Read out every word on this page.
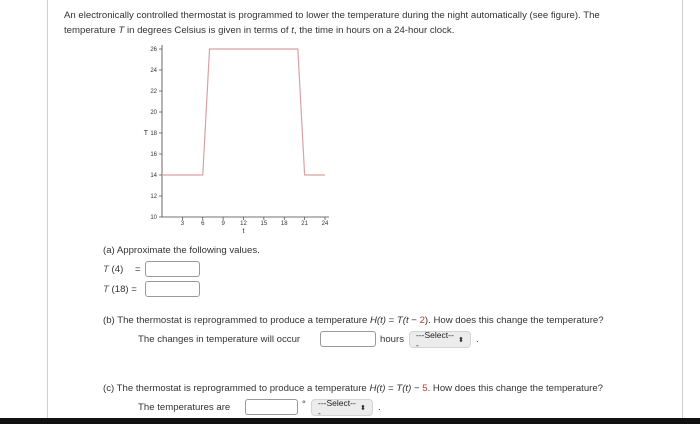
An electronically controlled thermostat is programmed to lower the temperature during the night automatically (see figure). The
temperature T in degrees Celsius is given in terms of t, the time in hours on a 24-hour clock.
3	6	9	12 15 18 21 24
10
12
14
16
18
20
22
24
26
t
T
(a) Approximate the following values.
T (4) =
T (18) =
(b) The thermostat is reprogrammed to produce a temperature H(t) = T(t − 2). How does this change the temperature?
The changes in temperature will occur	hours ---Select---	⬍ .
(c) The thermostat is reprogrammed to produce a temperature H(t) = T(t) − 5. How does this change the temperature?
The temperatures are	° ---Select---	⬍ .
